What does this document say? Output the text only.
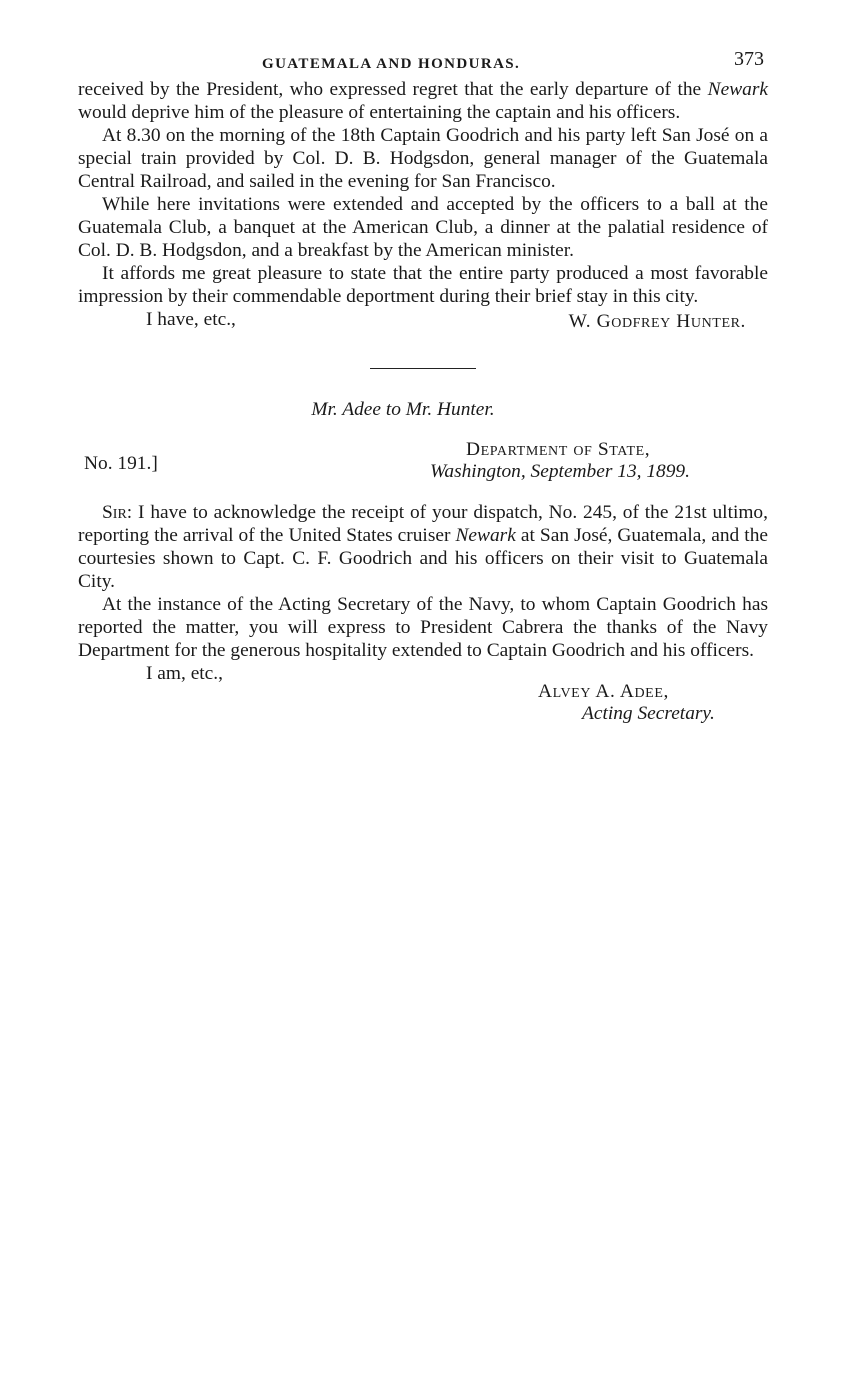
GUATEMALA AND HONDURAS.	373

received by the President, who expressed regret that the early departure of the Newark would deprive him of the pleasure of entertaining the captain and his officers.

At 8.30 on the morning of the 18th Captain Goodrich and his party left San José on a special train provided by Col. D. B. Hodgsdon, general manager of the Guatemala Central Railroad, and sailed in the evening for San Francisco.

While here invitations were extended and accepted by the officers to a ball at the Guatemala Club, a banquet at the American Club, a dinner at the palatial residence of Col. D. B. Hodgsdon, and a breakfast by the American minister.

It affords me great pleasure to state that the entire party produced a most favorable impression by their commendable deportment during their brief stay in this city.

I have, etc.,	W. Godfrey Hunter.
Mr. Adee to Mr. Hunter.
No. 191.]
Department of State,
Washington, September 13, 1899.

Sir: I have to acknowledge the receipt of your dispatch, No. 245, of the 21st ultimo, reporting the arrival of the United States cruiser Newark at San José, Guatemala, and the courtesies shown to Capt. C. F. Goodrich and his officers on their visit to Guatemala City.

At the instance of the Acting Secretary of the Navy, to whom Captain Goodrich has reported the matter, you will express to President Cabrera the thanks of the Navy Department for the generous hospitality extended to Captain Goodrich and his officers.

I am, etc.,
Alvey A. Adee,
Acting Secretary.
